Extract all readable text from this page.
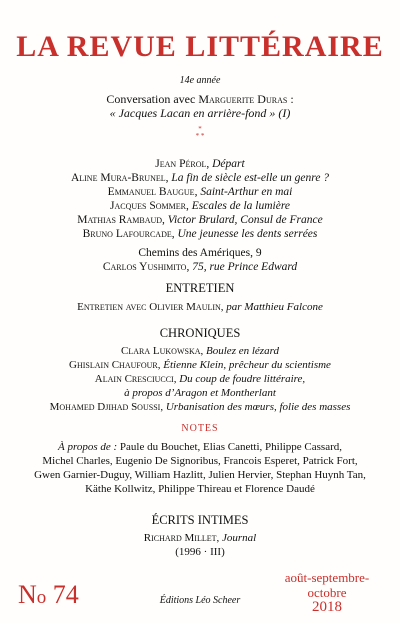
LA REVUE LITTÉRAIRE
14e année
Conversation avec Marguerite Duras :
« Jacques Lacan en arrière-fond » (I)
*
* *
Jean Pérol, Départ
Aline Mura-Brunel, La fin de siècle est-elle un genre ?
Emmanuel Baugue, Saint-Arthur en mai
Jacques Sommer, Escales de la lumière
Mathias Rambaud, Victor Brulard, Consul de France
Bruno Lafourcade, Une jeunesse les dents serrées
Chemins des Amériques, 9
Carlos Yushimito, 75, rue Prince Edward
ENTRETIEN
Entretien avec Olivier Maulin, par Matthieu Falcone
CHRONIQUES
Clara Lukowska, Boulez en lézard
Ghislain Chaufour, Étienne Klein, prêcheur du scientisme
Alain Cresciucci, Du coup de foudre littéraire,
à propos d’Aragon et Montherlant
Mohamed Djihad Soussi, Urbanisation des mœurs, folie des masses
NOTES
À propos de : Paule du Bouchet, Elias Canetti, Philippe Cassard,
Michel Charles, Eugenio De Signoribus, Francois Esperet, Patrick Fort,
Gwen Garnier-Duguy, William Hazlitt, Julien Hervier, Stephan Huynh Tan,
Käthe Kollwitz, Philippe Thireau et Florence Daudé
ÉCRITS INTIMES
Richard Millet, Journal
(1996 · III)
No 74	Éditions Léo Scheer
août-septembre-
octobre
2018
